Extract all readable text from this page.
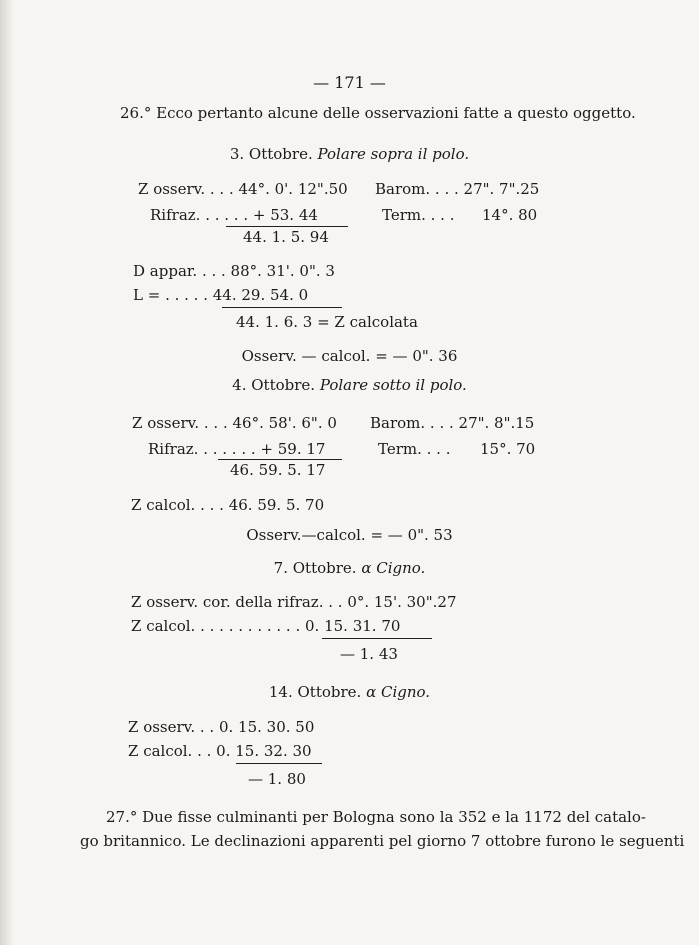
— 171 —
26.° Ecco pertanto alcune delle osservazioni fatte a questo oggetto.
3. Ottobre. Polare sopra il polo.
Z osserv. . . . 44°. 0'. 12".50 Barom. . . . 27". 7".25
Rifraz. . . . . . + 53. 44	Term. . . . 14°. 80
44. 1. 5. 94
D appar. . . . 88°. 31'. 0". 3
L = . . . . . 44. 29. 54. 0
44. 1. 6. 3 = Z calcolata
Osserv. — calcol. = — 0". 36
4. Ottobre. Polare sotto il polo.
Z osserv. . . . 46°. 58'. 6". 0 Barom. . . . 27". 8".15
Rifraz. . . . . . . + 59. 17	Term. . . . 15°. 70
46. 59. 5. 17
Z calcol. . . . 46. 59. 5. 70
Osserv.—calcol. = — 0". 53
7. Ottobre. α Cigno.
Z osserv. cor. della rifraz. . . 0°. 15'. 30".27
Z calcol. . . . . . . . . . . . 0. 15. 31. 70
— 1. 43
14. Ottobre. α Cigno.
Z osserv. . . 0. 15. 30. 50
Z calcol. . . 0. 15. 32. 30
— 1. 80
27.° Due fisse culminanti per Bologna sono la 352 e la 1172 del catalo-
go britannico. Le declinazioni apparenti pel giorno 7 ottobre furono le seguenti
